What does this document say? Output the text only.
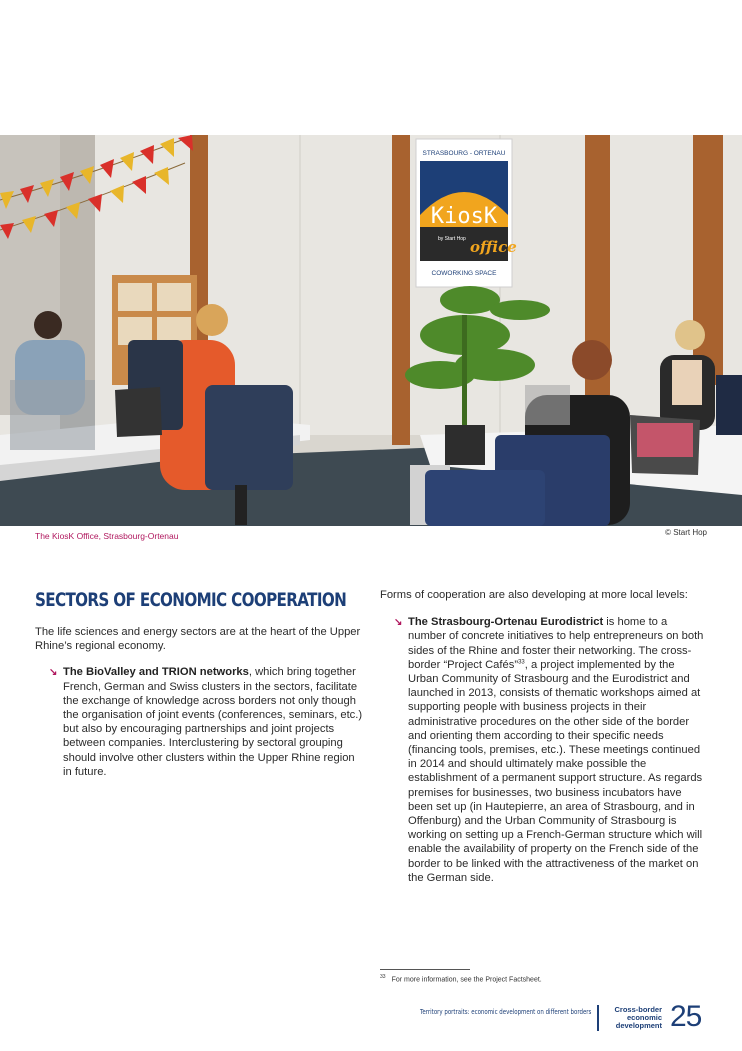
STRASBOURG - ORTENAU
KiosK
by Start Hop office
COWORKING SPACE
The KiosK Office, Strasbourg-Ortenau	© Start Hop
SECTORS OF ECONOMIC COOPERATION

The life sciences and energy sectors are at the heart of the Upper Rhine’s regional economy.

↘ The BioValley and TRION networks, which bring together French, German and Swiss clusters in the sectors, facilitate the exchange of knowledge across borders not only though the organisation of joint events (conferences, seminars, etc.) but also by encouraging partnerships and joint projects between companies. Interclustering by sectoral grouping should involve other clusters within the Upper Rhine region in future.

Forms of cooperation are also developing at more local levels:

↘ The Strasbourg-Ortenau Eurodistrict is home to a number of concrete initiatives to help entrepreneurs on both sides of the Rhine and foster their networking. The cross-border “Project Cafés”$^{33}$, a project implemented by the Urban Community of Strasbourg and the Eurodistrict and launched in 2013, consists of thematic workshops aimed at supporting people with business projects in their administrative procedures on the other side of the border and orienting them according to their specific needs (financing tools, premises, etc.). These meetings continued in 2014 and should ultimately make possible the establishment of a permanent support structure. As regards premises for businesses, two business incubators have been set up (in Hautepierre, an area of Strasbourg, and in Offenburg) and the Urban Community of Strasbourg is working on setting up a French-German structure which will enable the availability of property on the French side of the border to be linked with the attractiveness of the market on the German side.
$^{33}$ For more information, see the Project Factsheet.
Territory portraits: economic development on different borders	Cross-border
economic
development 25
